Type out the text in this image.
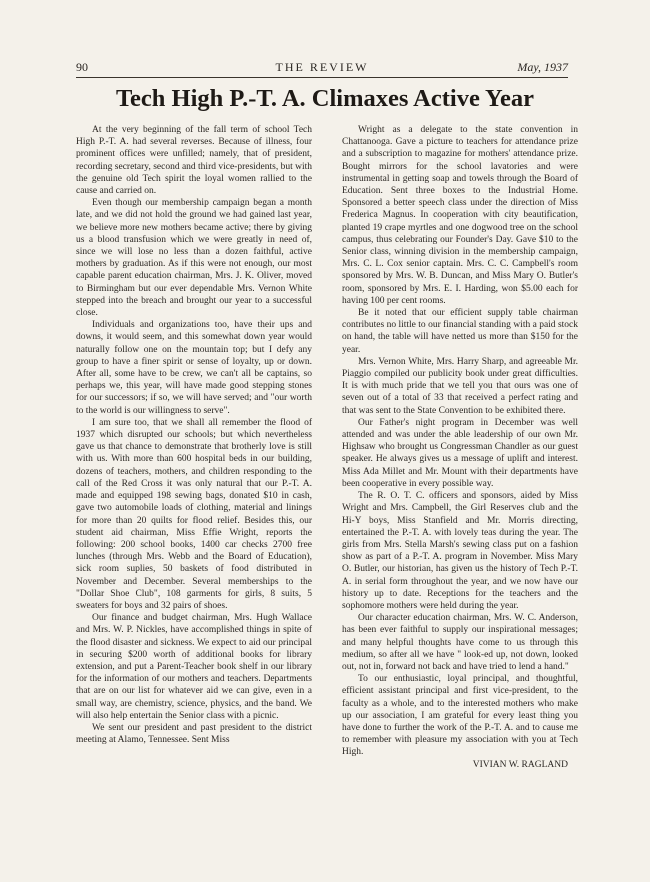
90	THE REVIEW	May, 1937
Tech High P.-T. A. Climaxes Active Year

At the very beginning of the fall term of school Tech High P.-T. A. had several reverses. Because of illness, four prominent offices were unfilled; namely, that of president, recording secretary, second and third vice-presidents, but with the genuine old Tech spirit the loyal women rallied to the cause and carried on.

Even though our membership campaign began a month late, and we did not hold the ground we had gained last year, we believe more new mothers became active; there by giving us a blood transfusion which we were greatly in need of, since we will lose no less than a dozen faithful, active mothers by graduation. As if this were not enough, our most capable parent education chairman, Mrs. J. K. Oliver, moved to Birmingham but our ever dependable Mrs. Vernon White stepped into the breach and brought our year to a successful close.

Individuals and organizations too, have their ups and downs, it would seem, and this somewhat down year would naturally follow one on the mountain top; but I defy any group to have a finer spirit or sense of loyalty, up or down. After all, some have to be crew, we can't all be captains, so perhaps we, this year, will have made good stepping stones for our successors; if so, we will have served; and "our worth to the world is our willingness to serve".

I am sure too, that we shall all remember the flood of 1937 which disrupted our schools; but which nevertheless gave us that chance to demonstrate that brotherly love is still with us. With more than 600 hospital beds in our building, dozens of teachers, mothers, and children responding to the call of the Red Cross it was only natural that our P.-T. A. made and equipped 198 sewing bags, donated $10 in cash, gave two automobile loads of clothing, material and linings for more than 20 quilts for flood relief. Besides this, our student aid chairman, Miss Effie Wright, reports the following: 200 school books, 1400 car checks 2700 free lunches (through Mrs. Webb and the Board of Education), sick room suplies, 50 baskets of food distributed in November and December. Several memberships to the "Dollar Shoe Club", 108 garments for girls, 8 suits, 5 sweaters for boys and 32 pairs of shoes.

Our finance and budget chairman, Mrs. Hugh Wallace and Mrs. W. P. Nickles, have accomplished things in spite of the flood disaster and sickness. We expect to aid our principal in securing $200 worth of additional books for library extension, and put a Parent-Teacher book shelf in our library for the information of our mothers and teachers. Departments that are on our list for whatever aid we can give, even in a small way, are chemistry, science, physics, and the band. We will also help entertain the Senior class with a picnic.

We sent our president and past president to the district meeting at Alamo, Tennessee. Sent Miss

Wright as a delegate to the state convention in Chattanooga. Gave a picture to teachers for attendance prize and a subscription to magazine for mothers' attendance prize. Bought mirrors for the school lavatories and were instrumental in getting soap and towels through the Board of Education. Sent three boxes to the Industrial Home. Sponsored a better speech class under the direction of Miss Frederica Magnus. In cooperation with city beautification, planted 19 crape myrtles and one dogwood tree on the school campus, thus celebrating our Founder's Day. Gave $10 to the Senior class, winning division in the membership campaign, Mrs. C. L. Cox senior captain. Mrs. C. C. Campbell's room sponsored by Mrs. W. B. Duncan, and Miss Mary O. Butler's room, sponsored by Mrs. E. I. Harding, won $5.00 each for having 100 per cent rooms.

Be it noted that our efficient supply table chairman contributes no little to our financial standing with a paid stock on hand, the table will have netted us more than $150 for the year.

Mrs. Vernon White, Mrs. Harry Sharp, and agreeable Mr. Piaggio compiled our publicity book under great difficulties. It is with much pride that we tell you that ours was one of seven out of a total of 33 that received a perfect rating and that was sent to the State Convention to be exhibited there.

Our Father's night program in December was well attended and was under the able leadership of our own Mr. Highsaw who brought us Congressman Chandler as our guest speaker. He always gives us a message of uplift and interest. Miss Ada Millet and Mr. Mount with their departments have been cooperative in every possible way.

The R. O. T. C. officers and sponsors, aided by Miss Wright and Mrs. Campbell, the Girl Reserves club and the Hi-Y boys, Miss Stanfield and Mr. Morris directing, entertained the P.-T. A. with lovely teas during the year. The girls from Mrs. Stella Marsh's sewing class put on a fashion show as part of a P.-T. A. program in November. Miss Mary O. Butler, our historian, has given us the history of Tech P.-T. A. in serial form throughout the year, and we now have our history up to date. Receptions for the teachers and the sophomore mothers were held during the year.

Our character education chairman, Mrs. W. C. Anderson, has been ever faithful to supply our inspirational messages; and many helpful thoughts have come to us through this medium, so after all we have " look-ed up, not down, looked out, not in, forward not back and have tried to lend a hand."

To our enthusiastic, loyal principal, and thoughtful, efficient assistant principal and first vice-president, to the faculty as a whole, and to the interested mothers who make up our association, I am grateful for every least thing you have done to further the work of the P.-T. A. and to cause me to remember with pleasure my association with you at Tech High.

VIVIAN W. RAGLAND
